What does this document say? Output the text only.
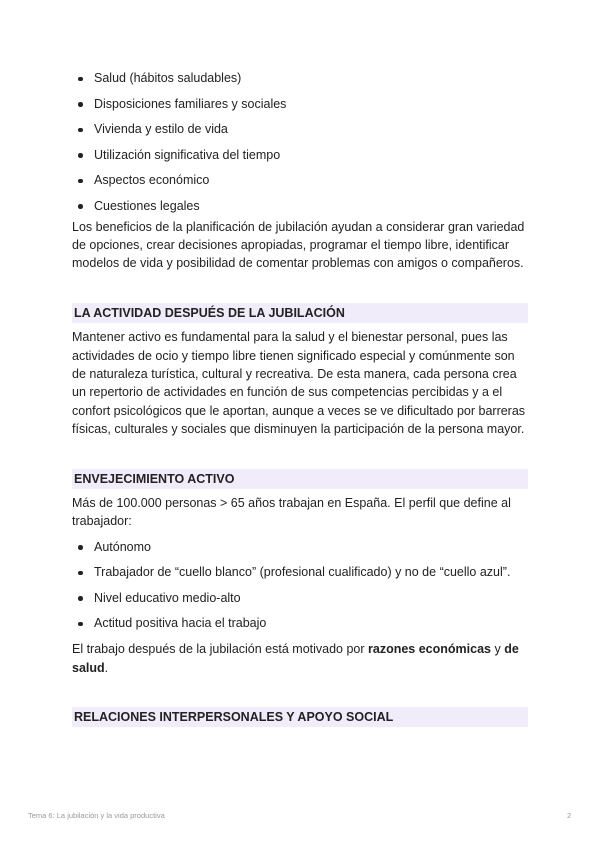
Salud (hábitos saludables)
Disposiciones familiares y sociales
Vivienda y estilo de vida
Utilización significativa del tiempo
Aspectos económico
Cuestiones legales

Los beneficios de la planificación de jubilación ayudan a considerar gran variedad de opciones, crear decisiones apropiadas, programar el tiempo libre, identificar modelos de vida y posibilidad de comentar problemas con amigos o compañeros.

LA ACTIVIDAD DESPUÉS DE LA JUBILACIÓN

Mantener activo es fundamental para la salud y el bienestar personal, pues las actividades de ocio y tiempo libre tienen significado especial y comúnmente son de naturaleza turística, cultural y recreativa. De esta manera, cada persona crea un repertorio de actividades en función de sus competencias percibidas y a el confort psicológicos que le aportan, aunque a veces se ve dificultado por barreras físicas, culturales y sociales que disminuyen la participación de la persona mayor.

ENVEJECIMIENTO ACTIVO

Más de 100.000 personas > 65 años trabajan en España. El perfil que define al trabajador:

Autónomo
Trabajador de “cuello blanco” (profesional cualificado) y no de “cuello azul”.
Nivel educativo medio-alto
Actitud positiva hacia el trabajo

El trabajo después de la jubilación está motivado por razones económicas y de salud.

RELACIONES INTERPERSONALES Y APOYO SOCIAL
Tema 6: La jubilación y la vida productiva	2
